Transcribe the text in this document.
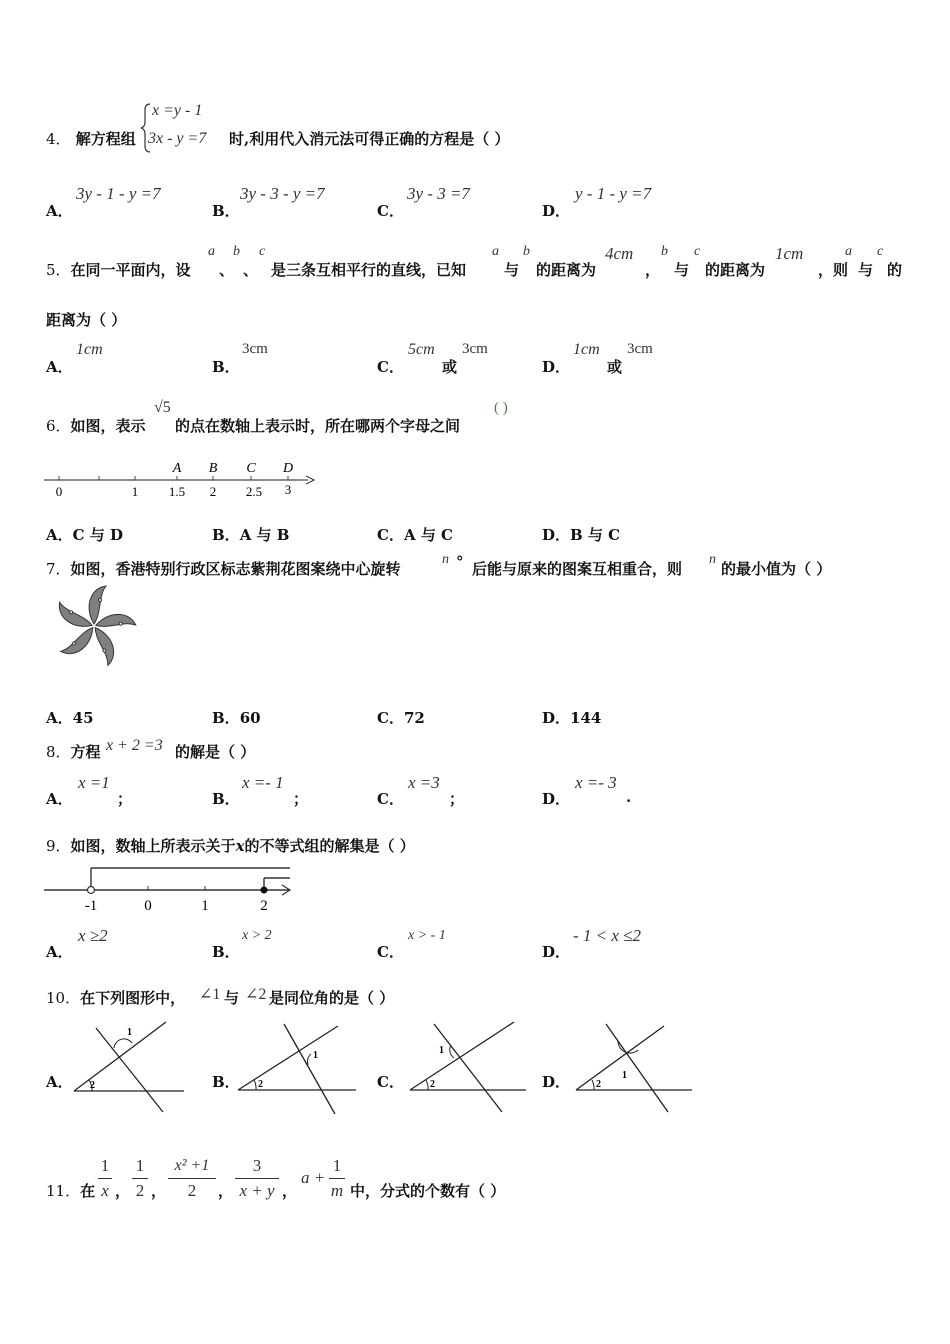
4． 解方程组
x =y - 1
3x - y =7 时,利用代入消元法可得正确的方程是（ ）
A．
3y - 1 - y =7
B．
3y - 3 - y =7
C．
3y - 3 =7
D．
y - 1 - y =7
5．在同一平面内，设
a
、
b
、
c
是三条互相平行的直线，已知
a
与
b
的距离为
4cm
，
b
与
c
的距离为
1cm
，则
a
与
c
的
距离为（ ）
A．
1cm
B．
3cm
C．
5cm
或
3cm
D．
1cm
或
3cm
6．如图，表示
√5
的点在数轴上表示时，所在哪两个字母之间
( )
0	1 1.5 2 2.5 3
A B C D
A．C 与 D	B．A 与 B	C．A 与 C	D．B 与 C
7．如图，香港特别行政区标志紫荆花图案绕中心旋转
n ° 后能与原来的图案互相重合，则
n
的最小值为（ ）
A．45	B．60	C．72	D．144
8．方程 x + 2 =3 的解是（ ）
A．
x =1
；	B．
x =- 1
；	C．
x =3
；	D．
x =- 3
.
9．如图，数轴上所表示关于x的不等式组的解集是（ ）
-1	0	1	2
A．
x ≥2
B．
x > 2
C．
x > - 1
D．
- 1 < x ≤2
10．在下列图形中， ∠1 与 ∠2 是同位角的是（ ）
A．
1
2	B．
1
2	C．
1
2	D．	1
2
11．在
1
x ，
1
2 ，
x² +1
2	，
3
x + y ，
a +
1
m 中，分式的个数有（ ）
